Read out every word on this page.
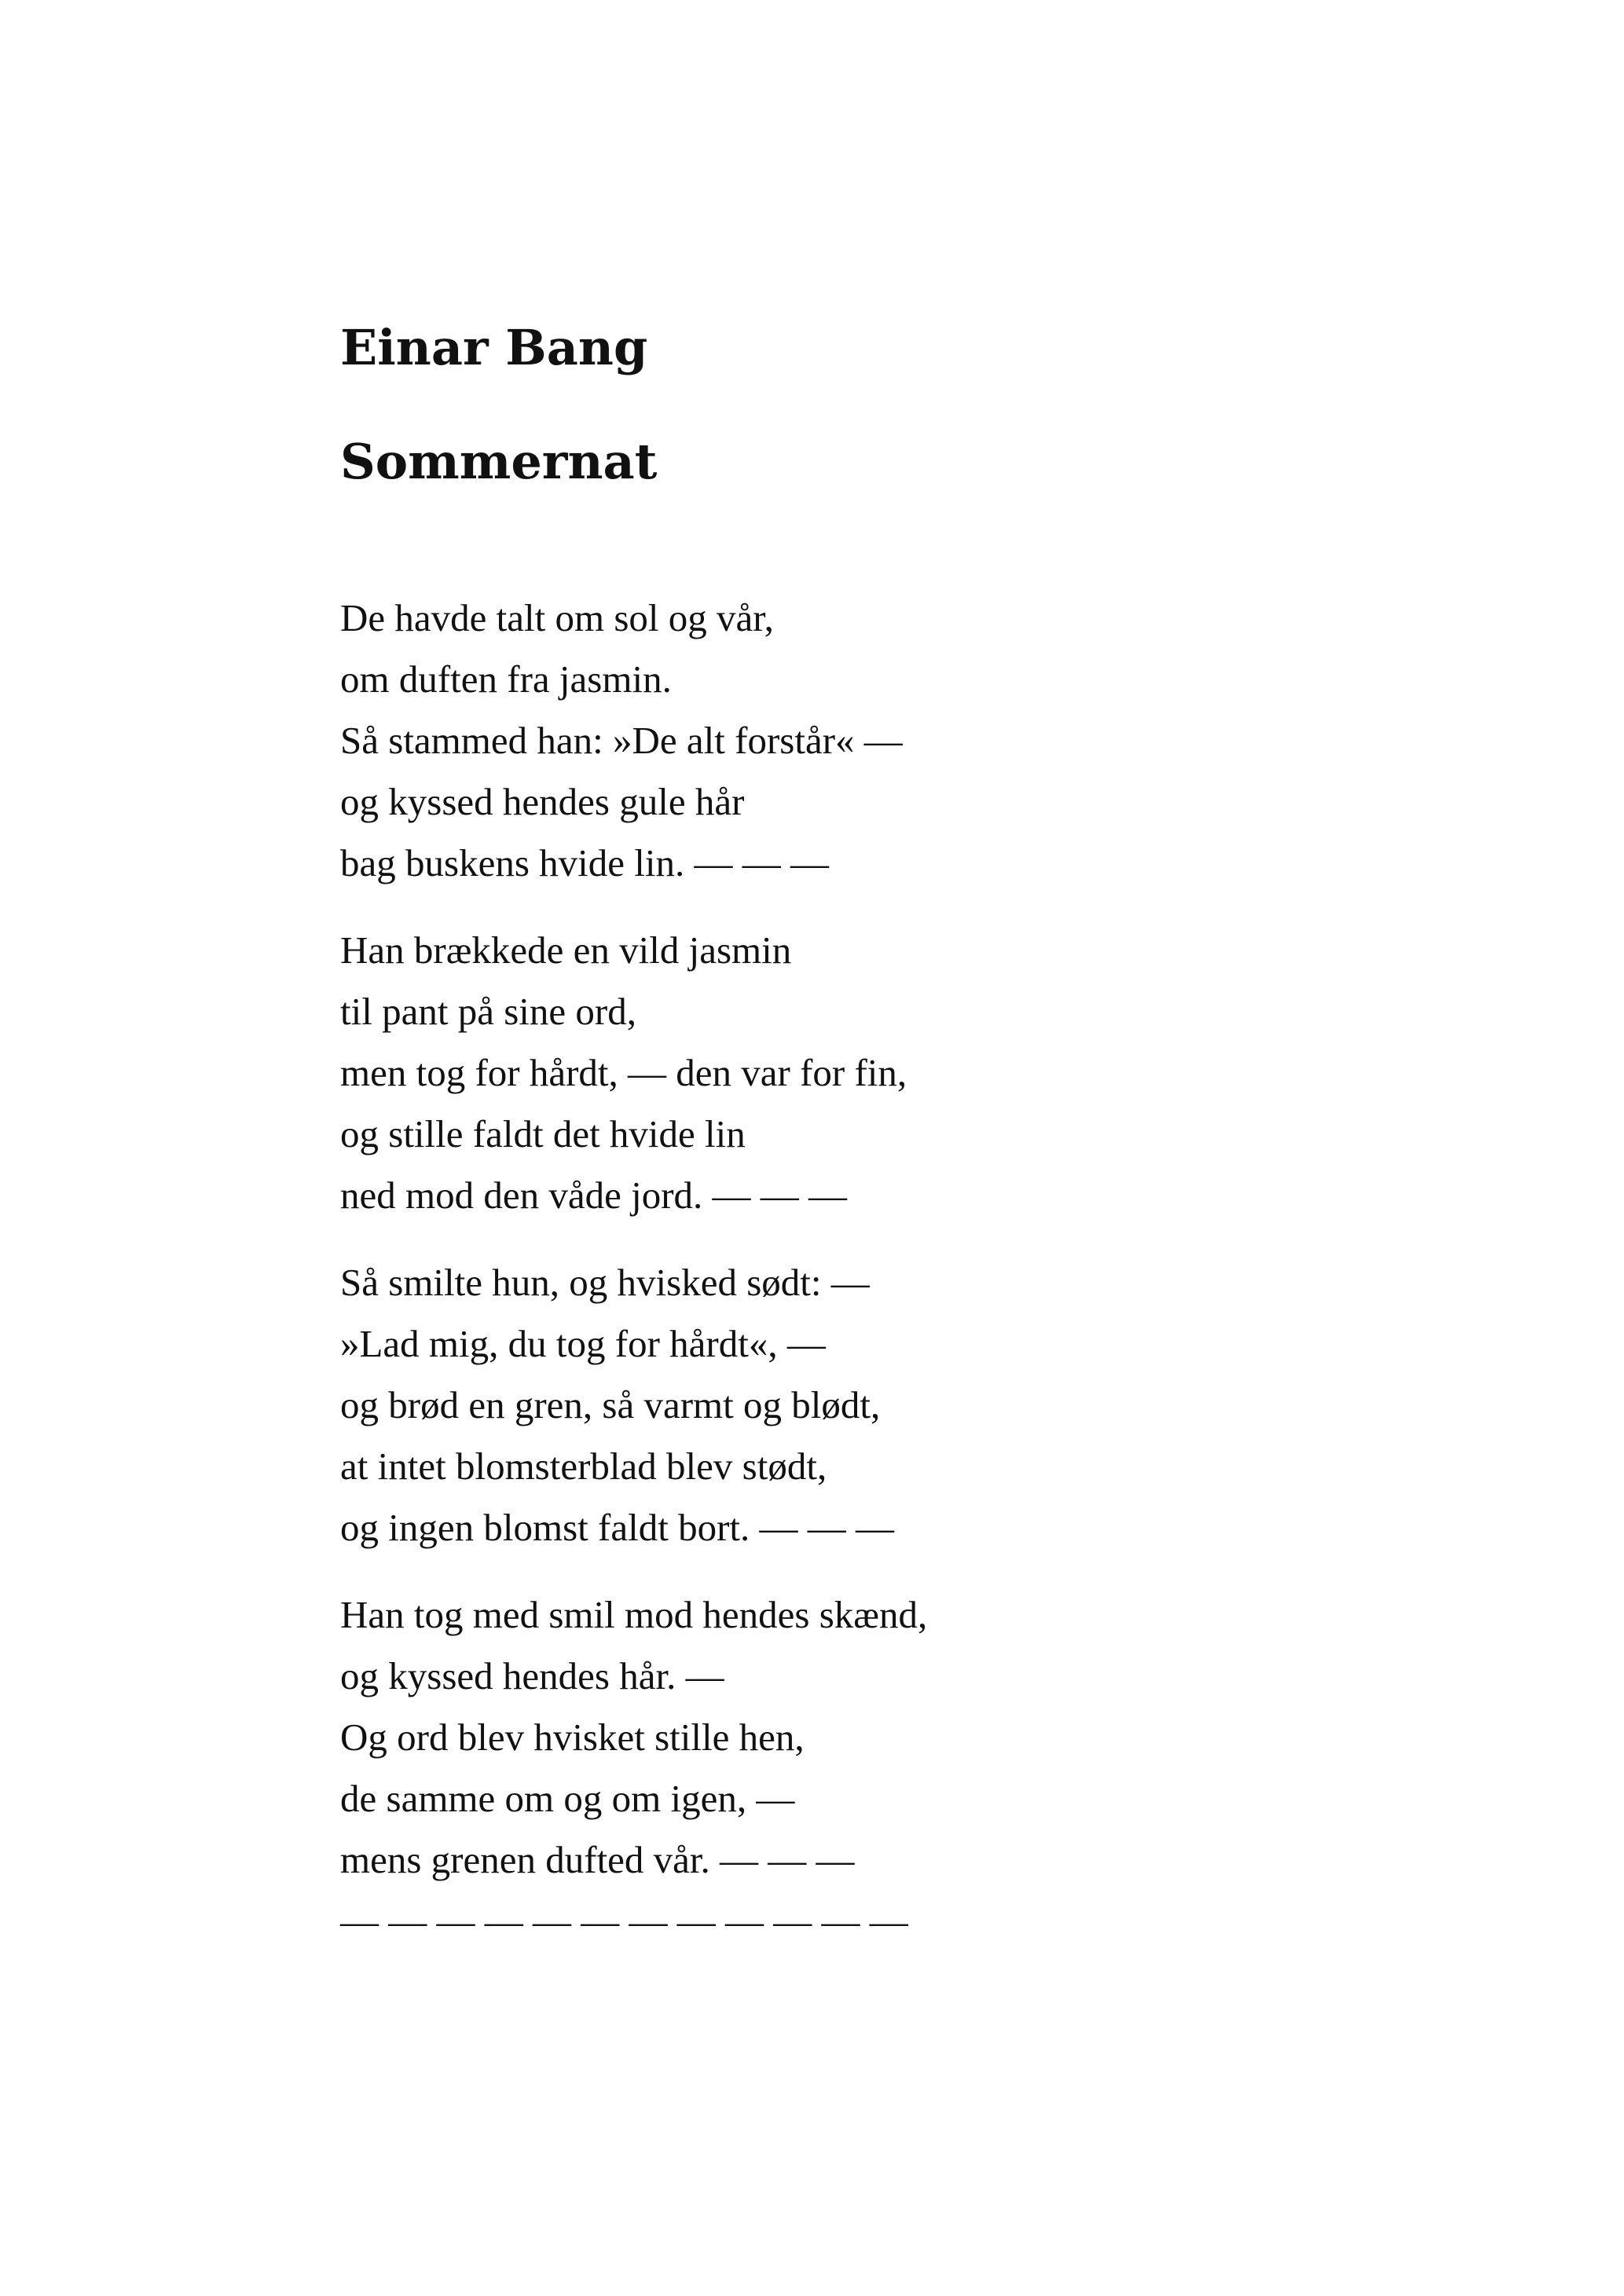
Einar Bang
Sommernat
De havde talt om sol og vår,
om duften fra jasmin.
Så stammed han: »De alt forstår« —
og kyssed hendes gule hår
bag buskens hvide lin. — — —
Han brækkede en vild jasmin
til pant på sine ord,
men tog for hårdt, — den var for fin,
og stille faldt det hvide lin
ned mod den våde jord. — — —
Så smilte hun, og hvisked sødt: —
»Lad mig, du tog for hårdt«, —
og brød en gren, så varmt og blødt,
at intet blomsterblad blev stødt,
og ingen blomst faldt bort. — — —
Han tog med smil mod hendes skænd,
og kyssed hendes hår. —
Og ord blev hvisket stille hen,
de samme om og om igen, —
mens grenen dufted vår. — — —
— — — — — — — — — — — —
